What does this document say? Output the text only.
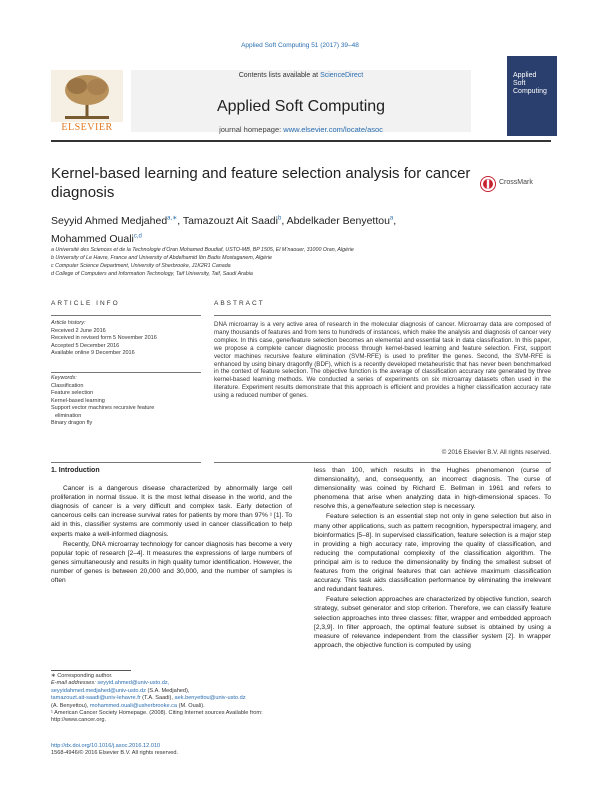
Applied Soft Computing 51 (2017) 39–48
ELSEVIER
Contents lists available at ScienceDirect
Applied Soft Computing
journal homepage: www.elsevier.com/locate/asoc
Applied
Soft
Computing
Kernel-based learning and feature selection analysis for cancer diagnosis
CrossMark
Seyyid Ahmed Medjahed$^{a,∗}$, Tamazouzt Ait Saadi$^b$, Abdelkader Benyettou$^a$,
Mohammed Ouali$^{c,d}$
a Université des Sciences et de la Technologie d’Oran Mohamed Boudiaf, USTO-MB, BP 1505, El M’naouer, 31000 Oran, Algérie
b University of Le Havre, France and University of Abdelhamid Ibn Badis Mostaganem, Algérie
c Computer Science Department, University of Sherbrooke, J1K2R1 Canada
d College of Computers and Information Technology, Taif University, Taif, Saudi Arabia
ARTICLE INFO
Article history:
Received 2 June 2016
Received in revised form 5 November 2016
Accepted 5 December 2016
Available online 9 December 2016
Keywords:
Classification
Feature selection
Kernel-based learning
Support vector machines recursive feature
elimination
Binary dragon fly
ABSTRACT
DNA microarray is a very active area of research in the molecular diagnosis of cancer. Microarray data are composed of many thousands of features and from tens to hundreds of instances, which make the analysis and diagnosis of cancer very complex. In this case, gene/feature selection becomes an elemental and essential task in data classification. In this paper, we propose a complete cancer diagnostic process through kernel-based learning and feature selection. First, support vector machines recursive feature elimination (SVM-RFE) is used to prefilter the genes. Second, the SVM-RFE is enhanced by using binary dragonfly (BDF), which is a recently developed metaheuristic that has never been benchmarked in the context of feature selection. The objective function is the average of classification accuracy rate generated by three kernel-based learning methods. We conducted a series of experiments on six microarray datasets often used in the literature. Experiment results demonstrate that this approach is efficient and provides a higher classification accuracy rate using a reduced number of genes.
© 2016 Elsevier B.V. All rights reserved.
1. Introduction

Cancer is a dangerous disease characterized by abnormally large cell proliferation in normal tissue. It is the most lethal disease in the world, and the diagnosis of cancer is a very difficult and complex task. Early detection of cancerous cells can increase survival rates for patients by more than 97% ¹ [1]. To aid in this, classifier systems are commonly used in cancer classification to help experts make a well-informed diagnosis.

Recently, DNA microarray technology for cancer diagnosis has become a very popular topic of research [2–4]. It measures the expressions of large numbers of genes simultaneously and results in high quality tumor identification. However, the number of genes is between 20,000 and 30,000, and the number of samples is often

less than 100, which results in the Hughes phenomenon (curse of dimensionality), and, consequently, an incorrect diagnosis. The curse of dimensionality was coined by Richard E. Bellman in 1961 and refers to phenomena that arise when analyzing data in high-dimensional spaces. To resolve this, a gene/feature selection step is necessary.

Feature selection is an essential step not only in gene selection but also in many other applications, such as pattern recognition, hyperspectral imagery, and bioinformatics [5–8]. In supervised classification, feature selection is a major step in providing a high accuracy rate, improving the quality of classification, and reducing the computational complexity of the classification algorithm. The principal aim is to reduce the dimensionality by finding the smallest subset of features from the original features that can achieve maximum classification accuracy. This task aids classification performance by eliminating the irrelevant and redundant features.

Feature selection approaches are characterized by objective function, search strategy, subset generator and stop criterion. Therefore, we can classify feature selection approaches into three classes: filter, wrapper and embedded approach [2,3,9]. In filter approach, the optimal feature subset is obtained by using a measure of relevance independent from the classifier system [2]. In wrapper approach, the objective function is computed by using

∗ Corresponding author.
E-mail addresses: seyyid.ahmed@univ-usto.dz,
seyyidahmed.medjahed@univ-usto.dz (S.A. Medjahed),
tamazouzt.ait-saadi@univ-lehavre.fr (T.A. Saadi), aek.benyettou@univ-usto.dz
(A. Benyettou), mohammed.ouali@usherbrooke.ca (M. Ouali).
¹ American Cancer Society Homepage. (2008). Citing Internet sources Available from: http://www.cancer.org.
http://dx.doi.org/10.1016/j.asoc.2016.12.010
1568-4946/© 2016 Elsevier B.V. All rights reserved.
